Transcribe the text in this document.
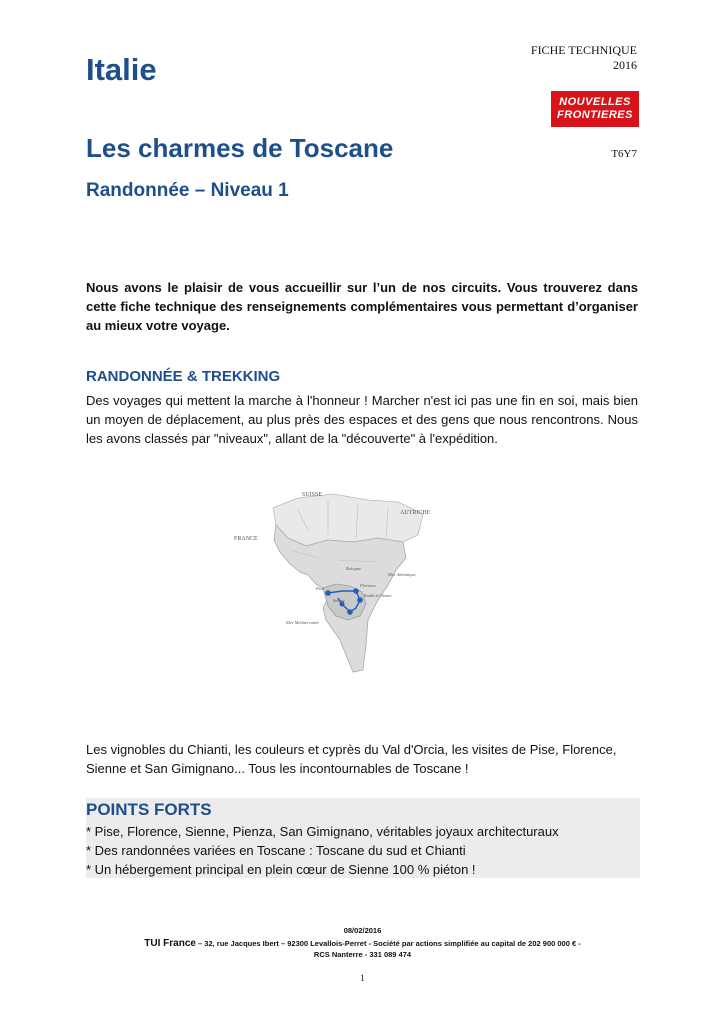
FICHE TECHNIQUE
2016
NOUVELLES
FRONTIERES
Italie
Les charmes de Toscane	T6Y7
Randonnée – Niveau 1
Nous avons le plaisir de vous accueillir sur l’un de nos circuits. Vous trouverez dans cette fiche technique des renseignements complémentaires vous permettant d’organiser au mieux votre voyage.
RANDONNÉE & TREKKING
Des voyages qui mettent la marche à l'honneur ! Marcher n'est ici pas une fin en soi, mais bien un moyen de déplacement, au plus près des espaces et des gens que nous rencontrons. Nous les avons classés par "niveaux", allant de la "découverte" à l'expédition.
SUISSE
AUTRICHE
FRANCE
Bologne
Florence
Pise
Sienne
Radda in Chianti
Mer Adriatique
Mer Méditerranée
Les vignobles du Chianti, les couleurs et cyprès du Val d'Orcia, les visites de Pise, Florence, Sienne et San Gimignano... Tous les incontournables de Toscane !
POINTS FORTS
* Pise, Florence, Sienne, Pienza, San Gimignano, véritables joyaux architecturaux
* Des randonnées variées en Toscane : Toscane du sud et Chianti
* Un hébergement principal en plein cœur de Sienne 100 % piéton !
08/02/2016
TUI France – 32, rue Jacques Ibert – 92300 Levallois-Perret - Société par actions simplifiée au capital de 202 900 000 € -
RCS Nanterre - 331 089 474
1
